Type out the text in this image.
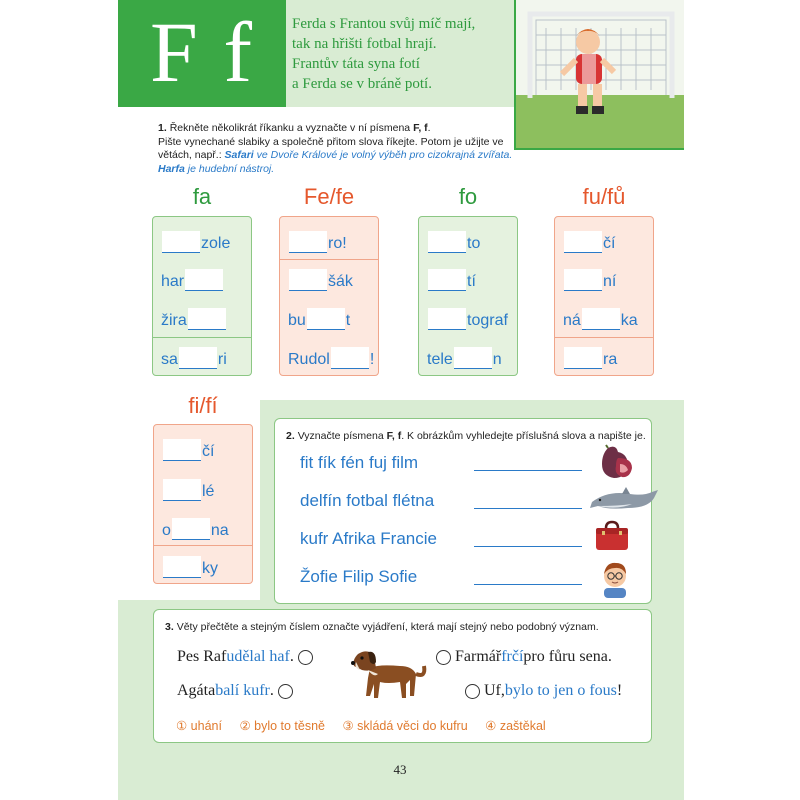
F f	Ferda s Frantou svůj míč mají,
tak na hřišti fotbal hrají.
Frantův táta syna fotí
a Ferda se v bráně potí.
1. Řekněte několikrát říkanku a vyznačte v ní písmena F, f.
Pište vynechané slabiky a společně přitom slova říkejte. Potom je užijte ve větách, např.: Safari ve Dvoře Králové je volný výběh pro cizokrajná zvířata. Harfa je hudební nástroj.
fa
zole
har
žira
sa	ri
Fe/fe
ro!
šák
bu	t
Rudol	!
fo
to
tí
tograf
tele	n
fu/fů
čí
ní
ná	ka
ra
fi/fí
čí
lé
o	na
ky
2. Vyznačte písmena F, f. K obrázkům vyhledejte příslušná slova a napište je.
fit fík fén fuj film
delfín fotbal flétna
kufr Afrika Francie
Žofie Filip Sofie
3. Věty přečtěte a stejným číslem označte vyjádření, která mají stejný nebo podobný význam.
Pes Raf udělal haf .	Farmář frčí pro fůru sena.
Agáta balí kufr .	Uf, bylo to jen o fous !
① uhání ② bylo to těsně ③ skládá věci do kufru ④ zaštěkal
43
